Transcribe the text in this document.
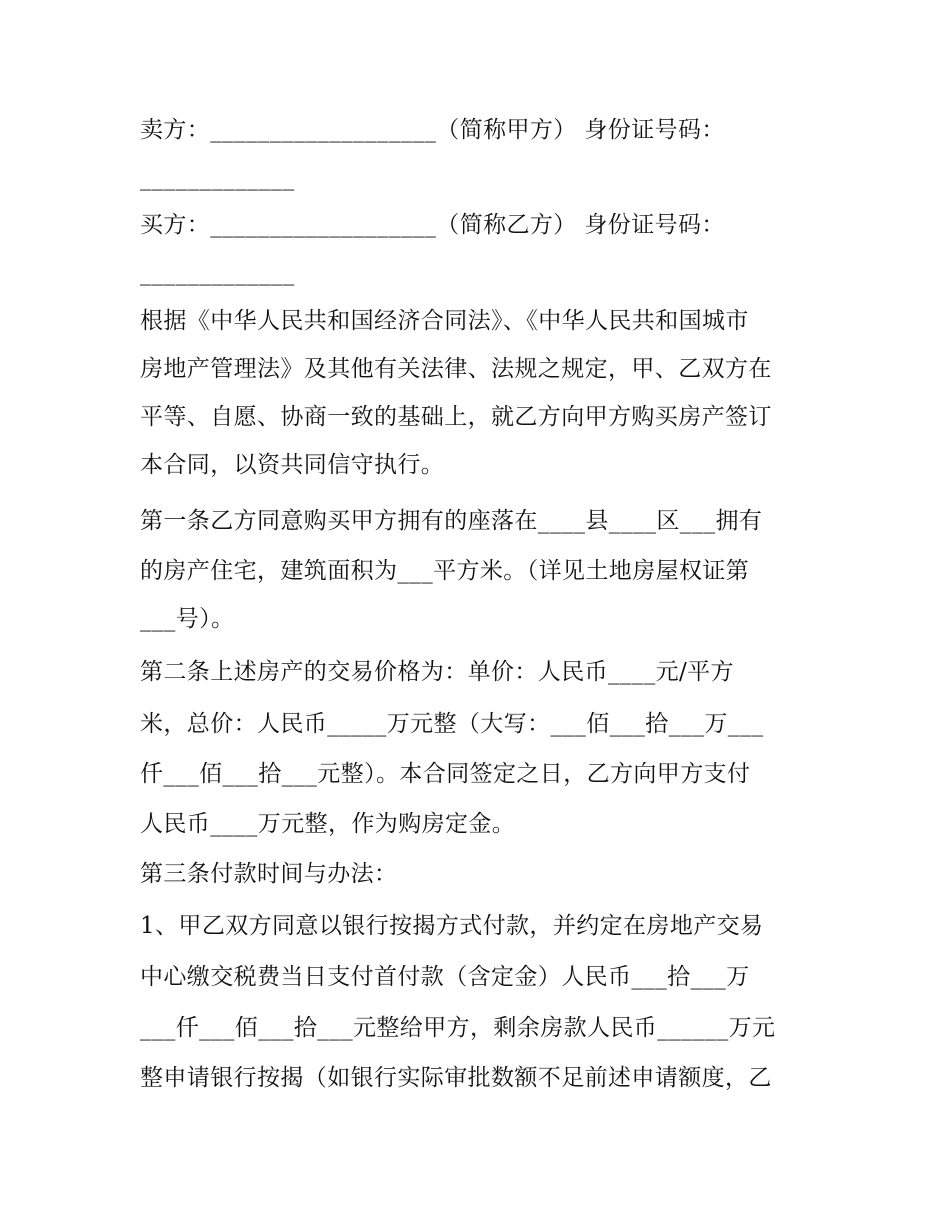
卖方：___________________（简称甲方） 身份证号码：
_____________
买方：___________________（简称乙方） 身份证号码：
_____________
根据《中华人民共和国经济合同法》、《中华人民共和国城市
房地产管理法》及其他有关法律、法规之规定，甲、乙双方在
平等、自愿、协商一致的基础上，就乙方向甲方购买房产签订
本合同，以资共同信守执行。
第一条乙方同意购买甲方拥有的座落在____县____区___拥有
的房产住宅，建筑面积为___平方米。（详见土地房屋权证第
___号）。
第二条上述房产的交易价格为：单价：人民币____元/平方
米，总价：人民币_____万元整（大写：___佰___拾___万___
仟___佰___拾___元整）。本合同签定之日，乙方向甲方支付
人民币____万元整，作为购房定金。
第三条付款时间与办法：
1、甲乙双方同意以银行按揭方式付款，并约定在房地产交易
中心缴交税费当日支付首付款（含定金）人民币___拾___万
___仟___佰___拾___元整给甲方，剩余房款人民币______万元
整申请银行按揭（如银行实际审批数额不足前述申请额度，乙
